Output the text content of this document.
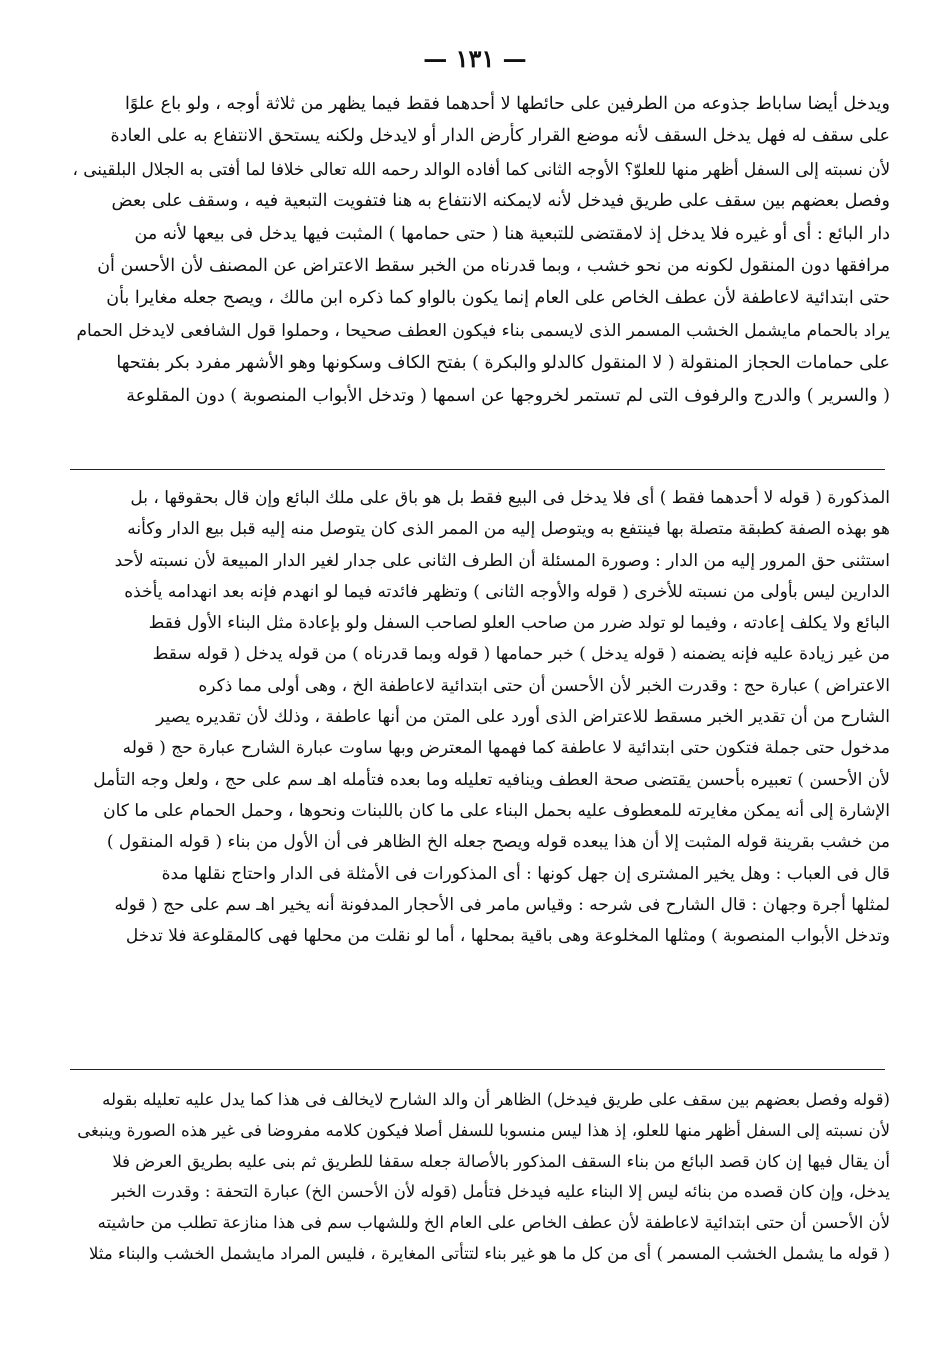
— ١٣١ —
ويدخل أيضا ساباط جذوعه من الطرفين على حائطها لا أحدهما فقط فيما يظهر من ثلاثة أوجه ، ولو باع علوًا
على سقف له فهل يدخل السقف لأنه موضع القرار كأرض الدار أو لايدخل ولكنه يستحق الانتفاع به على العادة
لأن نسبته إلى السفل أظهر منها للعلوّ؟ الأوجه الثانى كما أفاده الوالد رحمه الله تعالى خلافا لما أفتى به الجلال البلقينى ،
وفصل بعضهم بين سقف على طريق فيدخل لأنه لايمكنه الانتفاع به هنا فتفويت التبعية فيه ، وسقف على بعض
دار البائع : أى أو غيره فلا يدخل إذ لامقتضى للتبعية هنا ( حتى حمامها ) المثبت فيها يدخل فى بيعها لأنه من
مرافقها دون المنقول لكونه من نحو خشب ، وبما قدرناه من الخبر سقط الاعتراض عن المصنف لأن الأحسن أن
حتى ابتدائية لاعاطفة لأن عطف الخاص على العام إنما يكون بالواو كما ذكره ابن مالك ، ويصح جعله مغايرا بأن
يراد بالحمام مايشمل الخشب المسمر الذى لايسمى بناء فيكون العطف صحيحا ، وحملوا قول الشافعى لايدخل الحمام
على حمامات الحجاز المنقولة ( لا المنقول كالدلو والبكرة ) بفتح الكاف وسكونها وهو الأشهر مفرد بكر بفتحها
( والسرير ) والدرج والرفوف التى لم تستمر لخروجها عن اسمها ( وتدخل الأبواب المنصوبة ) دون المقلوعة
المذكورة ( قوله لا أحدهما فقط ) أى فلا يدخل فى البيع فقط بل هو باق على ملك البائع وإن قال بحقوقها ، بل
هو بهذه الصفة كطبقة متصلة بها فينتفع به ويتوصل إليه من الممر الذى كان يتوصل منه إليه قبل بيع الدار وكأنه
استثنى حق المرور إليه من الدار : وصورة المسئلة أن الطرف الثانى على جدار لغير الدار المبيعة لأن نسبته لأحد
الدارين ليس بأولى من نسبته للأخرى ( قوله والأوجه الثانى ) وتظهر فائدته فيما لو انهدم فإنه بعد انهدامه يأخذه
البائع ولا يكلف إعادته ، وفيما لو تولد ضرر من صاحب العلو لصاحب السفل ولو بإعادة مثل البناء الأول فقط
من غير زيادة عليه فإنه يضمنه ( قوله يدخل ) خبر حمامها ( قوله وبما قدرناه ) من قوله يدخل ( قوله سقط
الاعتراض ) عبارة حج : وقدرت الخبر لأن الأحسن أن حتى ابتدائية لاعاطفة الخ ، وهى أولى مما ذكره
الشارح من أن تقدير الخبر مسقط للاعتراض الذى أورد على المتن من أنها عاطفة ، وذلك لأن تقديره يصير
مدخول حتى جملة فتكون حتى ابتدائية لا عاطفة كما فهمها المعترض وبها ساوت عبارة الشارح عبارة حج ( قوله
لأن الأحسن ) تعبيره بأحسن يقتضى صحة العطف وينافيه تعليله وما بعده فتأمله اهـ سم على حج ، ولعل وجه التأمل
الإشارة إلى أنه يمكن مغايرته للمعطوف عليه بحمل البناء على ما كان باللبنات ونحوها ، وحمل الحمام على ما كان
من خشب بقرينة قوله المثبت إلا أن هذا يبعده قوله ويصح جعله الخ الظاهر فى أن الأول من بناء ( قوله المنقول )
قال فى العباب : وهل يخير المشترى إن جهل كونها : أى المذكورات فى الأمثلة فى الدار واحتاج نقلها مدة
لمثلها أجرة وجهان : قال الشارح فى شرحه : وقياس مامر فى الأحجار المدفونة أنه يخير اهـ سم على حج ( قوله
وتدخل الأبواب المنصوبة ) ومثلها المخلوعة وهى باقية بمحلها ، أما لو نقلت من محلها فهى كالمقلوعة فلا تدخل
(قوله وفصل بعضهم بين سقف على طريق فيدخل) الظاهر أن والد الشارح لايخالف فى هذا كما يدل عليه تعليله بقوله
لأن نسبته إلى السفل أظهر منها للعلو، إذ هذا ليس منسوبا للسفل أصلا فيكون كلامه مفروضا فى غير هذه الصورة وينبغى
أن يقال فيها إن كان قصد البائع من بناء السقف المذكور بالأصالة جعله سقفا للطريق ثم بنى عليه بطريق العرض فلا
يدخل، وإن كان قصده من بنائه ليس إلا البناء عليه فيدخل فتأمل (قوله لأن الأحسن الخ) عبارة التحفة : وقدرت الخبر
لأن الأحسن أن حتى ابتدائية لاعاطفة لأن عطف الخاص على العام الخ وللشهاب سم فى هذا منازعة تطلب من حاشيته
( قوله ما يشمل الخشب المسمر ) أى من كل ما هو غير بناء لتتأتى المغايرة ، فليس المراد مايشمل الخشب والبناء مثلا
